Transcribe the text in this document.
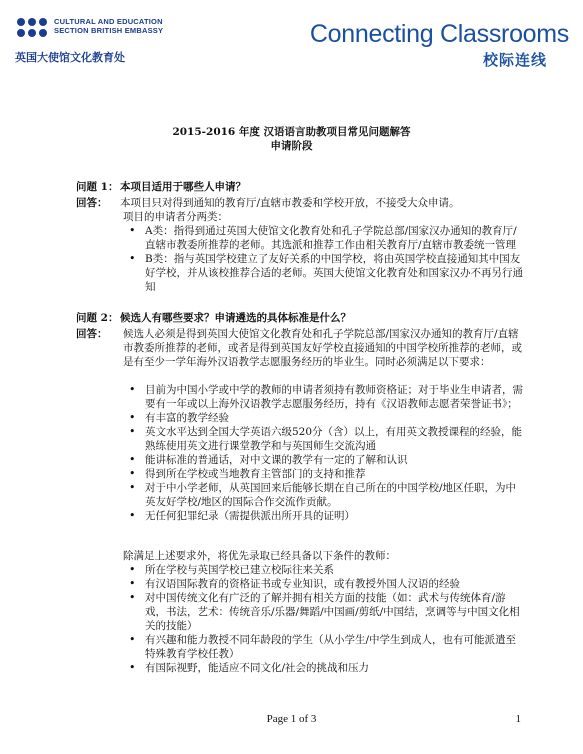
CULTURAL AND EDUCATION SECTION BRITISH EMBASSY
英国大使馆文化教育处
Connecting Classrooms
校际连线

2015-2016 年度 汉语语言助教项目常见问题解答

申请阶段

问题 1： 本项目适用于哪些人申请？
回答： 本项目只对得到通知的教育厅/直辖市教委和学校开放，不接受大众申请。

项目的申请者分两类：

• A类：指得到通过英国大使馆文化教育处和孔子学院总部/国家汉办通知的教育厅/直辖市教委所推荐的老师。其选派和推荐工作由相关教育厅/直辖市教委统一管理
• B类：指与英国学校建立了友好关系的中国学校，将由英国学校直接通知其中国友好学校，并从该校推荐合适的老师。英国大使馆文化教育处和国家汉办不再另行通知
问题 2： 候选人有哪些要求？申请遴选的具体标准是什么？
回答： 候选人必须是得到英国大使馆文化教育处和孔子学院总部/国家汉办通知的教育厅/直辖市教委所推荐的老师，或者是得到英国友好学校直接通知的中国学校所推荐的老师，或是有至少一学年海外汉语教学志愿服务经历的毕业生。同时必须满足以下要求：
• 目前为中国小学或中学的教师的申请者须持有教师资格证；对于毕业生申请者，需要有一年或以上海外汉语教学志愿服务经历，持有《汉语教师志愿者荣誉证书》；
• 有丰富的教学经验
• 英文水平达到全国大学英语六级520分（含）以上，有用英文教授课程的经验，能熟练使用英文进行课堂教学和与英国师生交流沟通
• 能讲标准的普通话，对中文课的教学有一定的了解和认识
• 得到所在学校或当地教育主管部门的支持和推荐
• 对于中小学老师，从英国回来后能够长期在自己所在的中国学校/地区任职，为中英友好学校/地区的国际合作交流作贡献。
• 无任何犯罪纪录（需提供派出所开具的证明）

除满足上述要求外，将优先录取已经具备以下条件的教师：

• 所在学校与英国学校已建立校际往来关系
• 有汉语国际教育的资格证书或专业知识，或有教授外国人汉语的经验
• 对中国传统文化有广泛的了解并拥有相关方面的技能（如：武术与传统体育/游戏，书法，艺术：传统音乐/乐器/舞蹈/中国画/剪纸/中国结，烹调等与中国文化相关的技能）
• 有兴趣和能力教授不同年龄段的学生（从小学生/中学生到成人，也有可能派遣至特殊教育学校任教）
• 有国际视野，能适应不同文化/社会的挑战和压力
Page 1 of 3	1
